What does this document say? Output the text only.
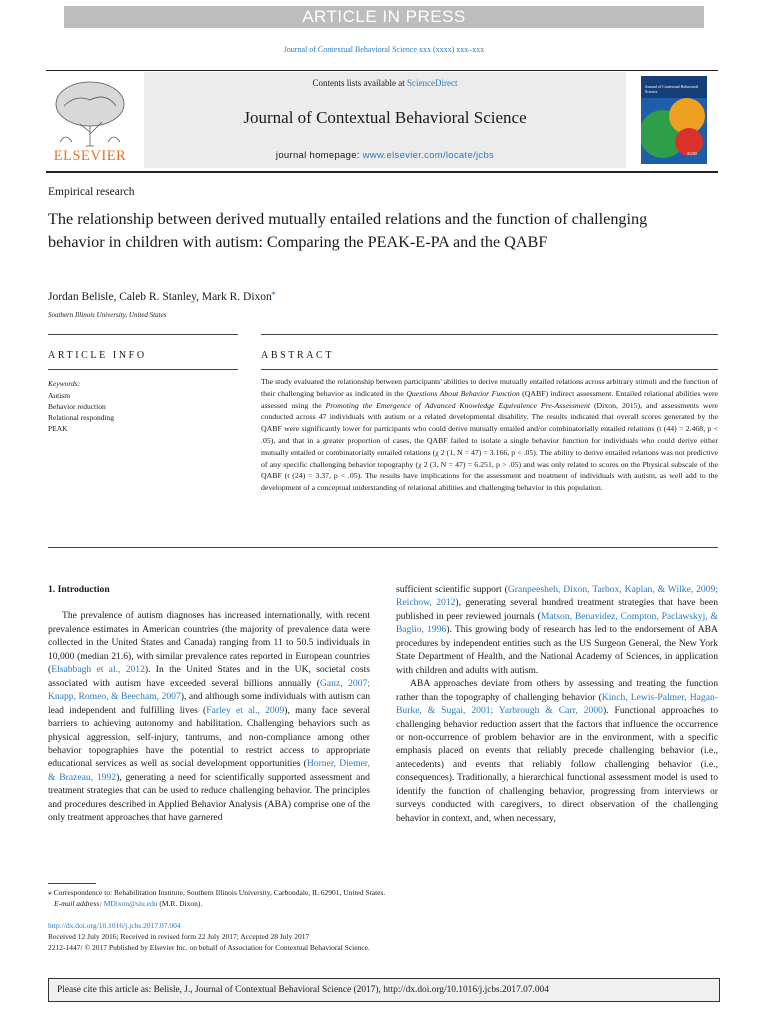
ARTICLE IN PRESS
Journal of Contextual Behavioral Science xxx (xxxx) xxx–xxx
ELSEVIER
Contents lists available at ScienceDirect
Journal of Contextual Behavioral Science
journal homepage: www.elsevier.com/locate/jcbs
Journal of Contextual Behavioral Science
ACBS
Empirical research
The relationship between derived mutually entailed relations and the function of challenging behavior in children with autism: Comparing the PEAK-E-PA and the QABF
Jordan Belisle, Caleb R. Stanley, Mark R. Dixon⁎
Southern Illinois University, United States
ARTICLE INFO	ABSTRACT
Keywords:
Autism
Behavior reduction
Relational responding
PEAK
The study evaluated the relationship between participants' abilities to derive mutually entailed relations across arbitrary stimuli and the function of their challenging behavior as indicated in the Questions About Behavior Function (QABF) indirect assessment. Entailed relational abilities were assessed using the Promoting the Emergence of Advanced Knowledge Equivalence Pre-Assessment (Dixon, 2015), and assessments were conducted across 47 individuals with autism or a related developmental disability. The results indicated that overall scores generated by the QABF were significantly lower for participants who could derive mutually entailed and/or combinatorially entailed relations (t (44) = 2.468, p < .05), and that in a greater proportion of cases, the QABF failed to isolate a single behavior function for individuals who could derive either mutually entailed or combinatorially entailed relations (χ 2 (1, N = 47) = 3.166, p < .05). The ability to derive entailed relations was not predictive of any specific challenging behavior topography (χ 2 (3, N = 47) = 6.251, p > .05) and was only related to scores on the Physical subscale of the QABF (t (24) = 3.37, p < .05). The results have implications for the assessment and treatment of individuals with autism, as well add to the development of a conceptual understanding of relational abilities and challenging behavior in this population.

1. Introduction

The prevalence of autism diagnoses has increased internationally, with recent prevalence estimates in American countries (the majority of prevalence data were collected in the United States and Canada) ranging from 11 to 50.5 individuals in 10,000 (median 21.6), with similar prevalence rates reported in European countries (Elsabbagh et al., 2012). In the United States and in the UK, societal costs associated with autism have exceeded several billions annually (Ganz, 2007; Knapp, Romeo, & Beecham, 2007), and although some individuals with autism can lead independent and fulfilling lives (Farley et al., 2009), many face several barriers to achieving autonomy and habilitation. Challenging behaviors such as physical aggression, self-injury, tantrums, and non-compliance among other behavior topographies have the potential to restrict access to appropriate educational services as well as social development opportunities (Horner, Diemer, & Brazeau, 1992), generating a need for scientifically supported assessment and treatment strategies that can be used to reduce challenging behavior. The principles and procedures described in Applied Behavior Analysis (ABA) comprise one of the only treatment approaches that have garnered

sufficient scientific support (Granpeesheh, Dixon, Tarbox, Kaplan, & Wilke, 2009; Reichow, 2012), generating several hundred treatment strategies that have been published in peer reviewed journals (Matson, Benavidez, Compton, Paclawskyj, & Baglio, 1996). This growing body of research has led to the endorsement of ABA procedures by independent entities such as the US Surgeon General, the New York State Department of Health, and the National Academy of Sciences, in application with children and adults with autism.

ABA approaches deviate from others by assessing and treating the function rather than the topography of challenging behavior (Kinch, Lewis-Palmer, Hagan-Burke, & Sugai, 2001; Yarbrough & Carr, 2000). Functional approaches to challenging behavior reduction assert that the factors that influence the occurrence or non-occurrence of problem behavior are in the environment, with a specific emphasis placed on events that reliably precede challenging behavior (i.e., antecedents) and events that reliably follow challenging behavior (i.e., consequences). Traditionally, a hierarchical functional assessment model is used to identify the function of challenging behavior, progressing from interviews or surveys conducted with caregivers, to direct observation of the challenging behavior in context, and, when necessary,

⁎ Correspondence to: Rehabilitation Institute, Southern Illinois University, Carbondale, IL 62901, United States.
E-mail address: MDixon@siu.edu (M.R. Dixon).
http://dx.doi.org/10.1016/j.jcbs.2017.07.004
Received 12 July 2016; Received in revised form 22 July 2017; Accepted 28 July 2017
2212-1447/ © 2017 Published by Elsevier Inc. on behalf of Association for Contextual Behavioral Science.
Please cite this article as: Belisle, J., Journal of Contextual Behavioral Science (2017), http://dx.doi.org/10.1016/j.jcbs.2017.07.004
